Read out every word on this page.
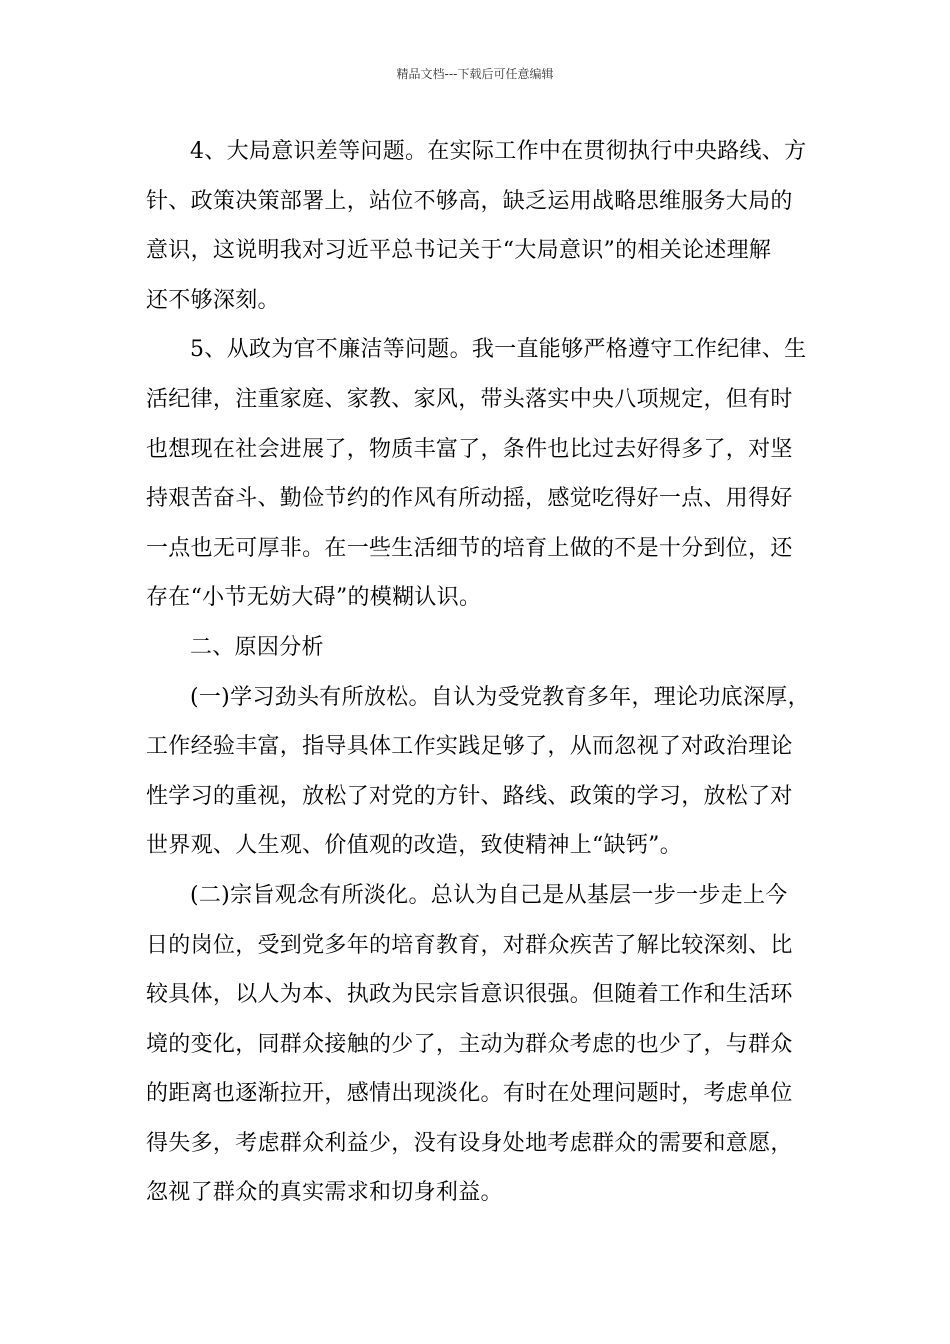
精品文档---下载后可任意编辑

4、大局意识差等问题。在实际工作中在贯彻执行中央路线、方
针、政策决策部署上，站位不够高，缺乏运用战略思维服务大局的
意识，这说明我对习近平总书记关于“大局意识”的相关论述理解
还不够深刻。

5、从政为官不廉洁等问题。我一直能够严格遵守工作纪律、生
活纪律，注重家庭、家教、家风，带头落实中央八项规定，但有时
也想现在社会进展了，物质丰富了，条件也比过去好得多了，对坚
持艰苦奋斗、勤俭节约的作风有所动摇，感觉吃得好一点、用得好
一点也无可厚非。在一些生活细节的培育上做的不是十分到位，还
存在“小节无妨大碍”的模糊认识。

二、原因分析

(一)学习劲头有所放松。自认为受党教育多年，理论功底深厚，
工作经验丰富，指导具体工作实践足够了，从而忽视了对政治理论
性学习的重视，放松了对党的方针、路线、政策的学习，放松了对
世界观、人生观、价值观的改造，致使精神上“缺钙”。

(二)宗旨观念有所淡化。总认为自己是从基层一步一步走上今
日的岗位，受到党多年的培育教育，对群众疾苦了解比较深刻、比
较具体，以人为本、执政为民宗旨意识很强。但随着工作和生活环
境的变化，同群众接触的少了，主动为群众考虑的也少了，与群众
的距离也逐渐拉开，感情出现淡化。有时在处理问题时，考虑单位
得失多，考虑群众利益少，没有设身处地考虑群众的需要和意愿，
忽视了群众的真实需求和切身利益。
